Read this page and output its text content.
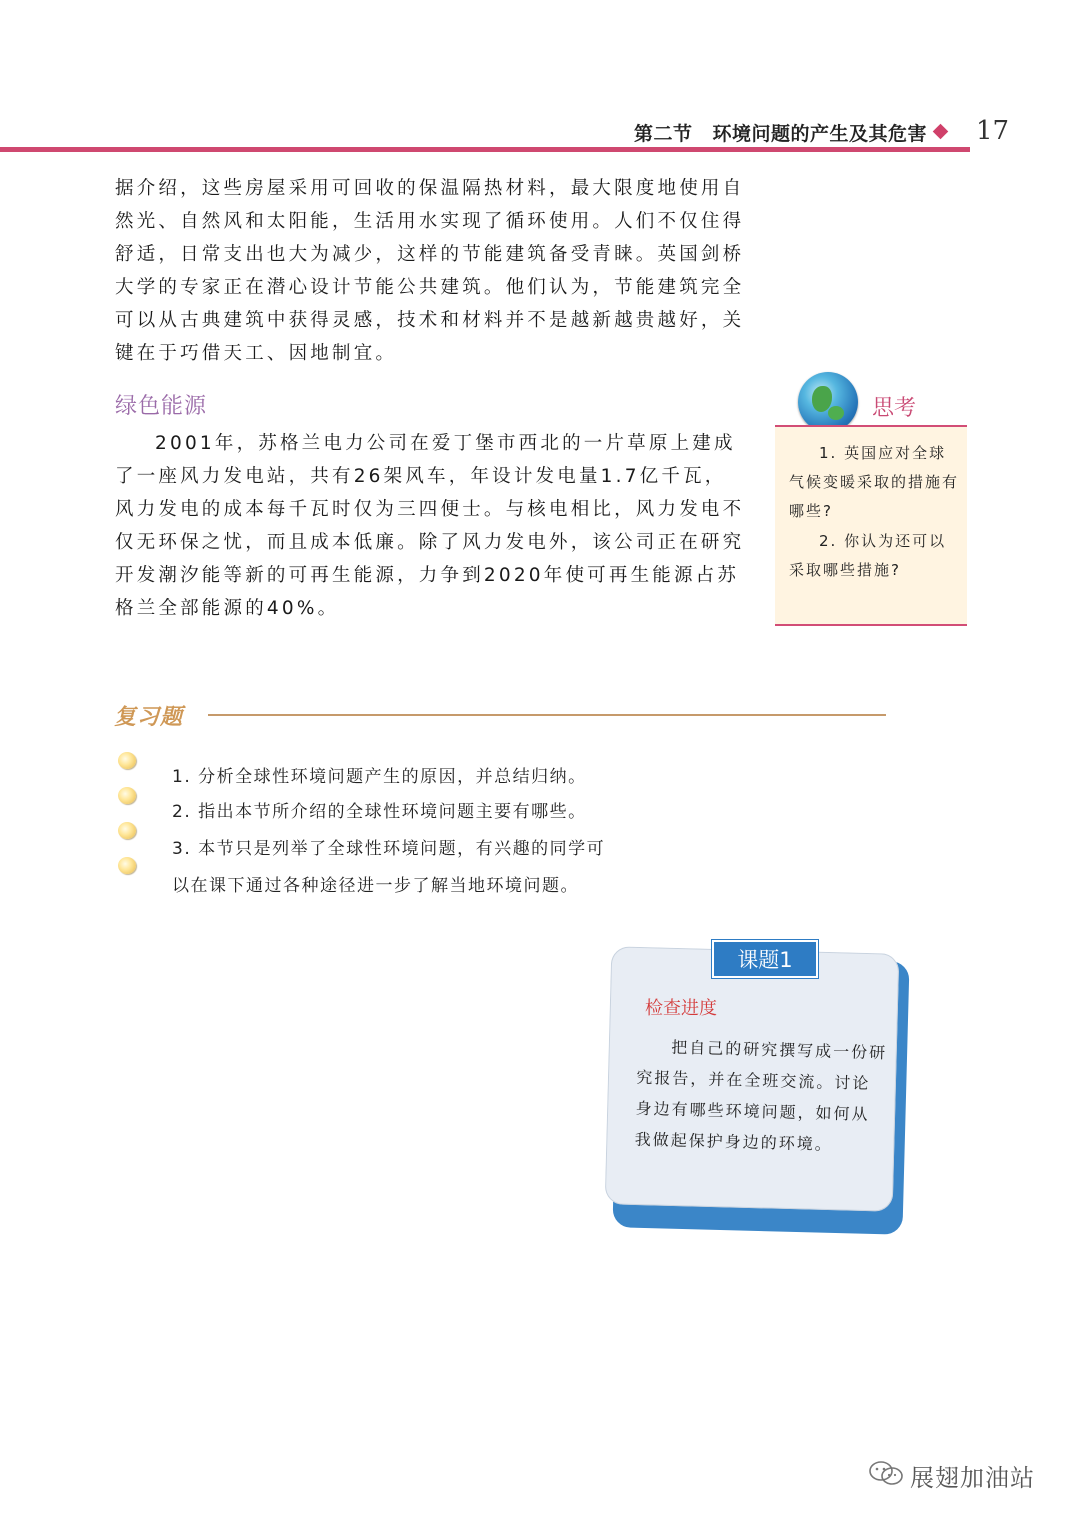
第二节 环境问题的产生及其危害 17
据介绍，这些房屋采用可回收的保温隔热材料，最大限度地使用自然光、自然风和太阳能，生活用水实现了循环使用。人们不仅住得舒适，日常支出也大为减少，这样的节能建筑备受青睐。英国剑桥大学的专家正在潜心设计节能公共建筑。他们认为，节能建筑完全可以从古典建筑中获得灵感，技术和材料并不是越新越贵越好，关键在于巧借天工、因地制宜。
绿色能源
2001年，苏格兰电力公司在爱丁堡市西北的一片草原上建成了一座风力发电站，共有26架风车，年设计发电量1.7亿千瓦，风力发电的成本每千瓦时仅为三四便士。与核电相比，风力发电不仅无环保之忧，而且成本低廉。除了风力发电外，该公司正在研究开发潮汐能等新的可再生能源，力争到2020年使可再生能源占苏格兰全部能源的40%。
思考
1. 英国应对全球气候变暖采取的措施有哪些?
2. 你认为还可以采取哪些措施?
复习题
1. 分析全球性环境问题产生的原因，并总结归纳。
2. 指出本节所介绍的全球性环境问题主要有哪些。
3. 本节只是列举了全球性环境问题，有兴趣的同学可
以在课下通过各种途径进一步了解当地环境问题。
课题1
检查进度
把自己的研究撰写成一份研究报告，并在全班交流。讨论身边有哪些环境问题，如何从我做起保护身边的环境。
展翅加油站
